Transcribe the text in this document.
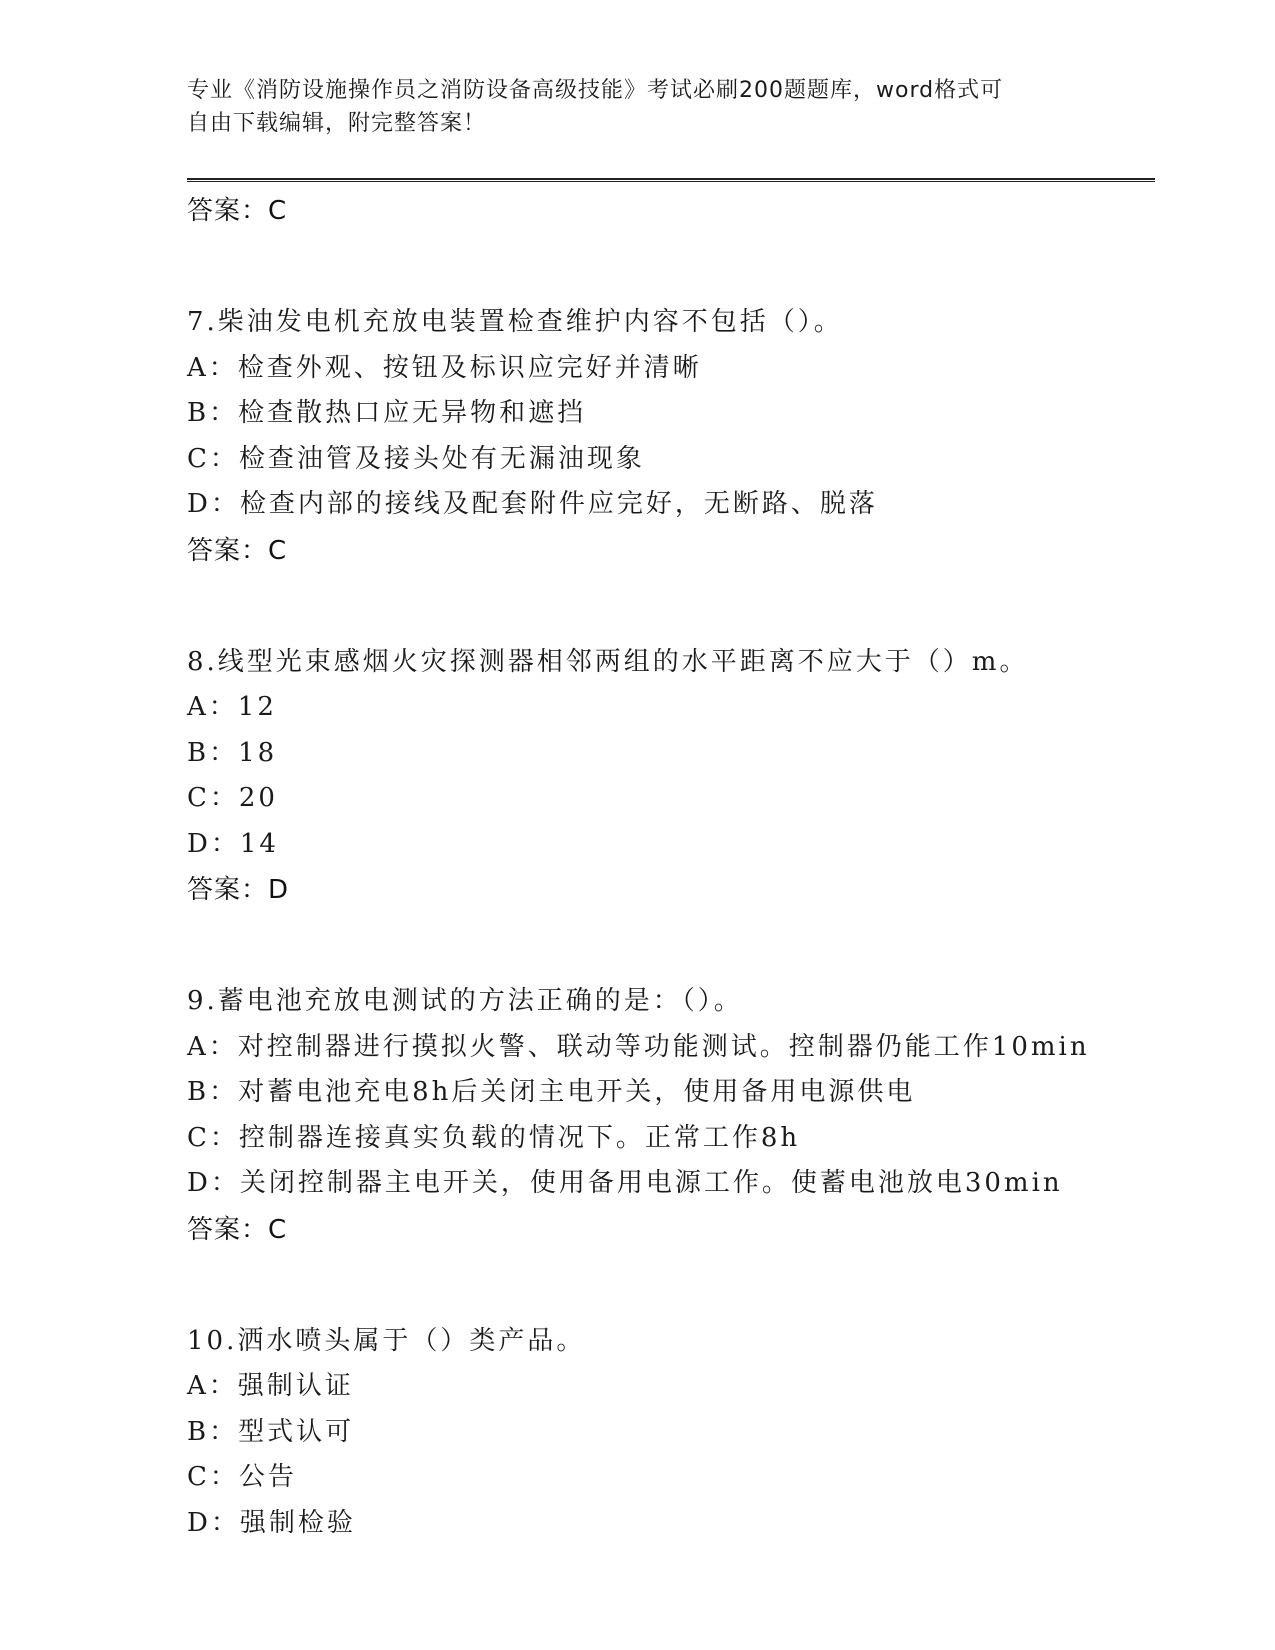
专业《消防设施操作员之消防设备高级技能》考试必刷200题题库，word格式可
自由下载编辑，附完整答案！
答案：C
7.柴油发电机充放电装置检查维护内容不包括（）。
A：检查外观、按钮及标识应完好并清晰
B：检查散热口应无异物和遮挡
C：检查油管及接头处有无漏油现象
D：检查内部的接线及配套附件应完好，无断路、脱落
答案：C
8.线型光束感烟火灾探测器相邻两组的水平距离不应大于（）m。
A：12
B：18
C：20
D：14
答案：D
9.蓄电池充放电测试的方法正确的是：（）。
A：对控制器进行摸拟火警、联动等功能测试。控制器仍能工作10min
B：对蓄电池充电8h后关闭主电开关，使用备用电源供电
C：控制器连接真实负载的情况下。正常工作8h
D：关闭控制器主电开关，使用备用电源工作。使蓄电池放电30min
答案：C
10.洒水喷头属于（）类产品。
A：强制认证
B：型式认可
C：公告
D：强制检验
